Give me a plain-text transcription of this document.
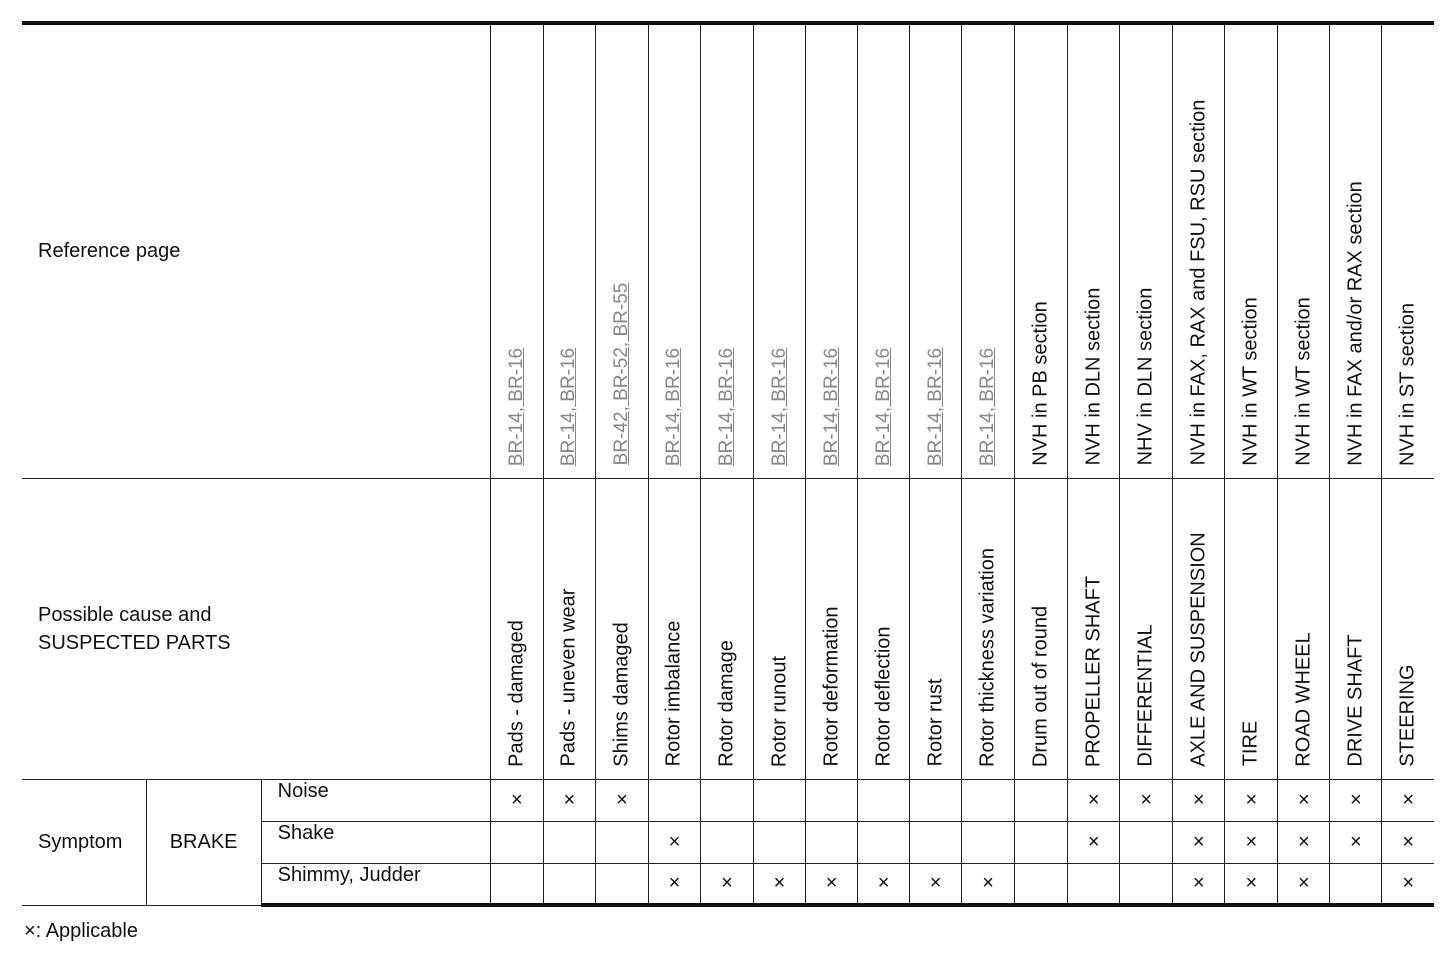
Reference page			BR-14, BR-16	BR-14, BR-16	BR-42, BR-52, BR-55	BR-14, BR-16	BR-14, BR-16	BR-14, BR-16	BR-14, BR-16	BR-14, BR-16	BR-14, BR-16	BR-14, BR-16	NVH in PB section	NVH in DLN section	NHV in DLN section	NVH in FAX, RAX and FSU, RSU section	NVH in WT section	NVH in WT section	NVH in FAX and/or RAX section	NVH in ST section

Possible cause and
SUSPECTED PARTS			Pads - damaged	Pads - uneven wear	Shims damaged	Rotor imbalance	Rotor damage	Rotor runout	Rotor deformation	Rotor deflection	Rotor rust	Rotor thickness variation	Drum out of round	PROPELLER SHAFT	DIFFERENTIAL	AXLE AND SUSPENSION	TIRE	ROAD WHEEL	DRIVE SHAFT	STEERING

Symptom	BRAKE	Noise	×	×	×									×	×	×	×	×	×	×
		Shake				×								×		×	×	×	×	×
		Shimmy, Judder				×	×	×	×	×	×	×				×	×	×		×
×: Applicable
